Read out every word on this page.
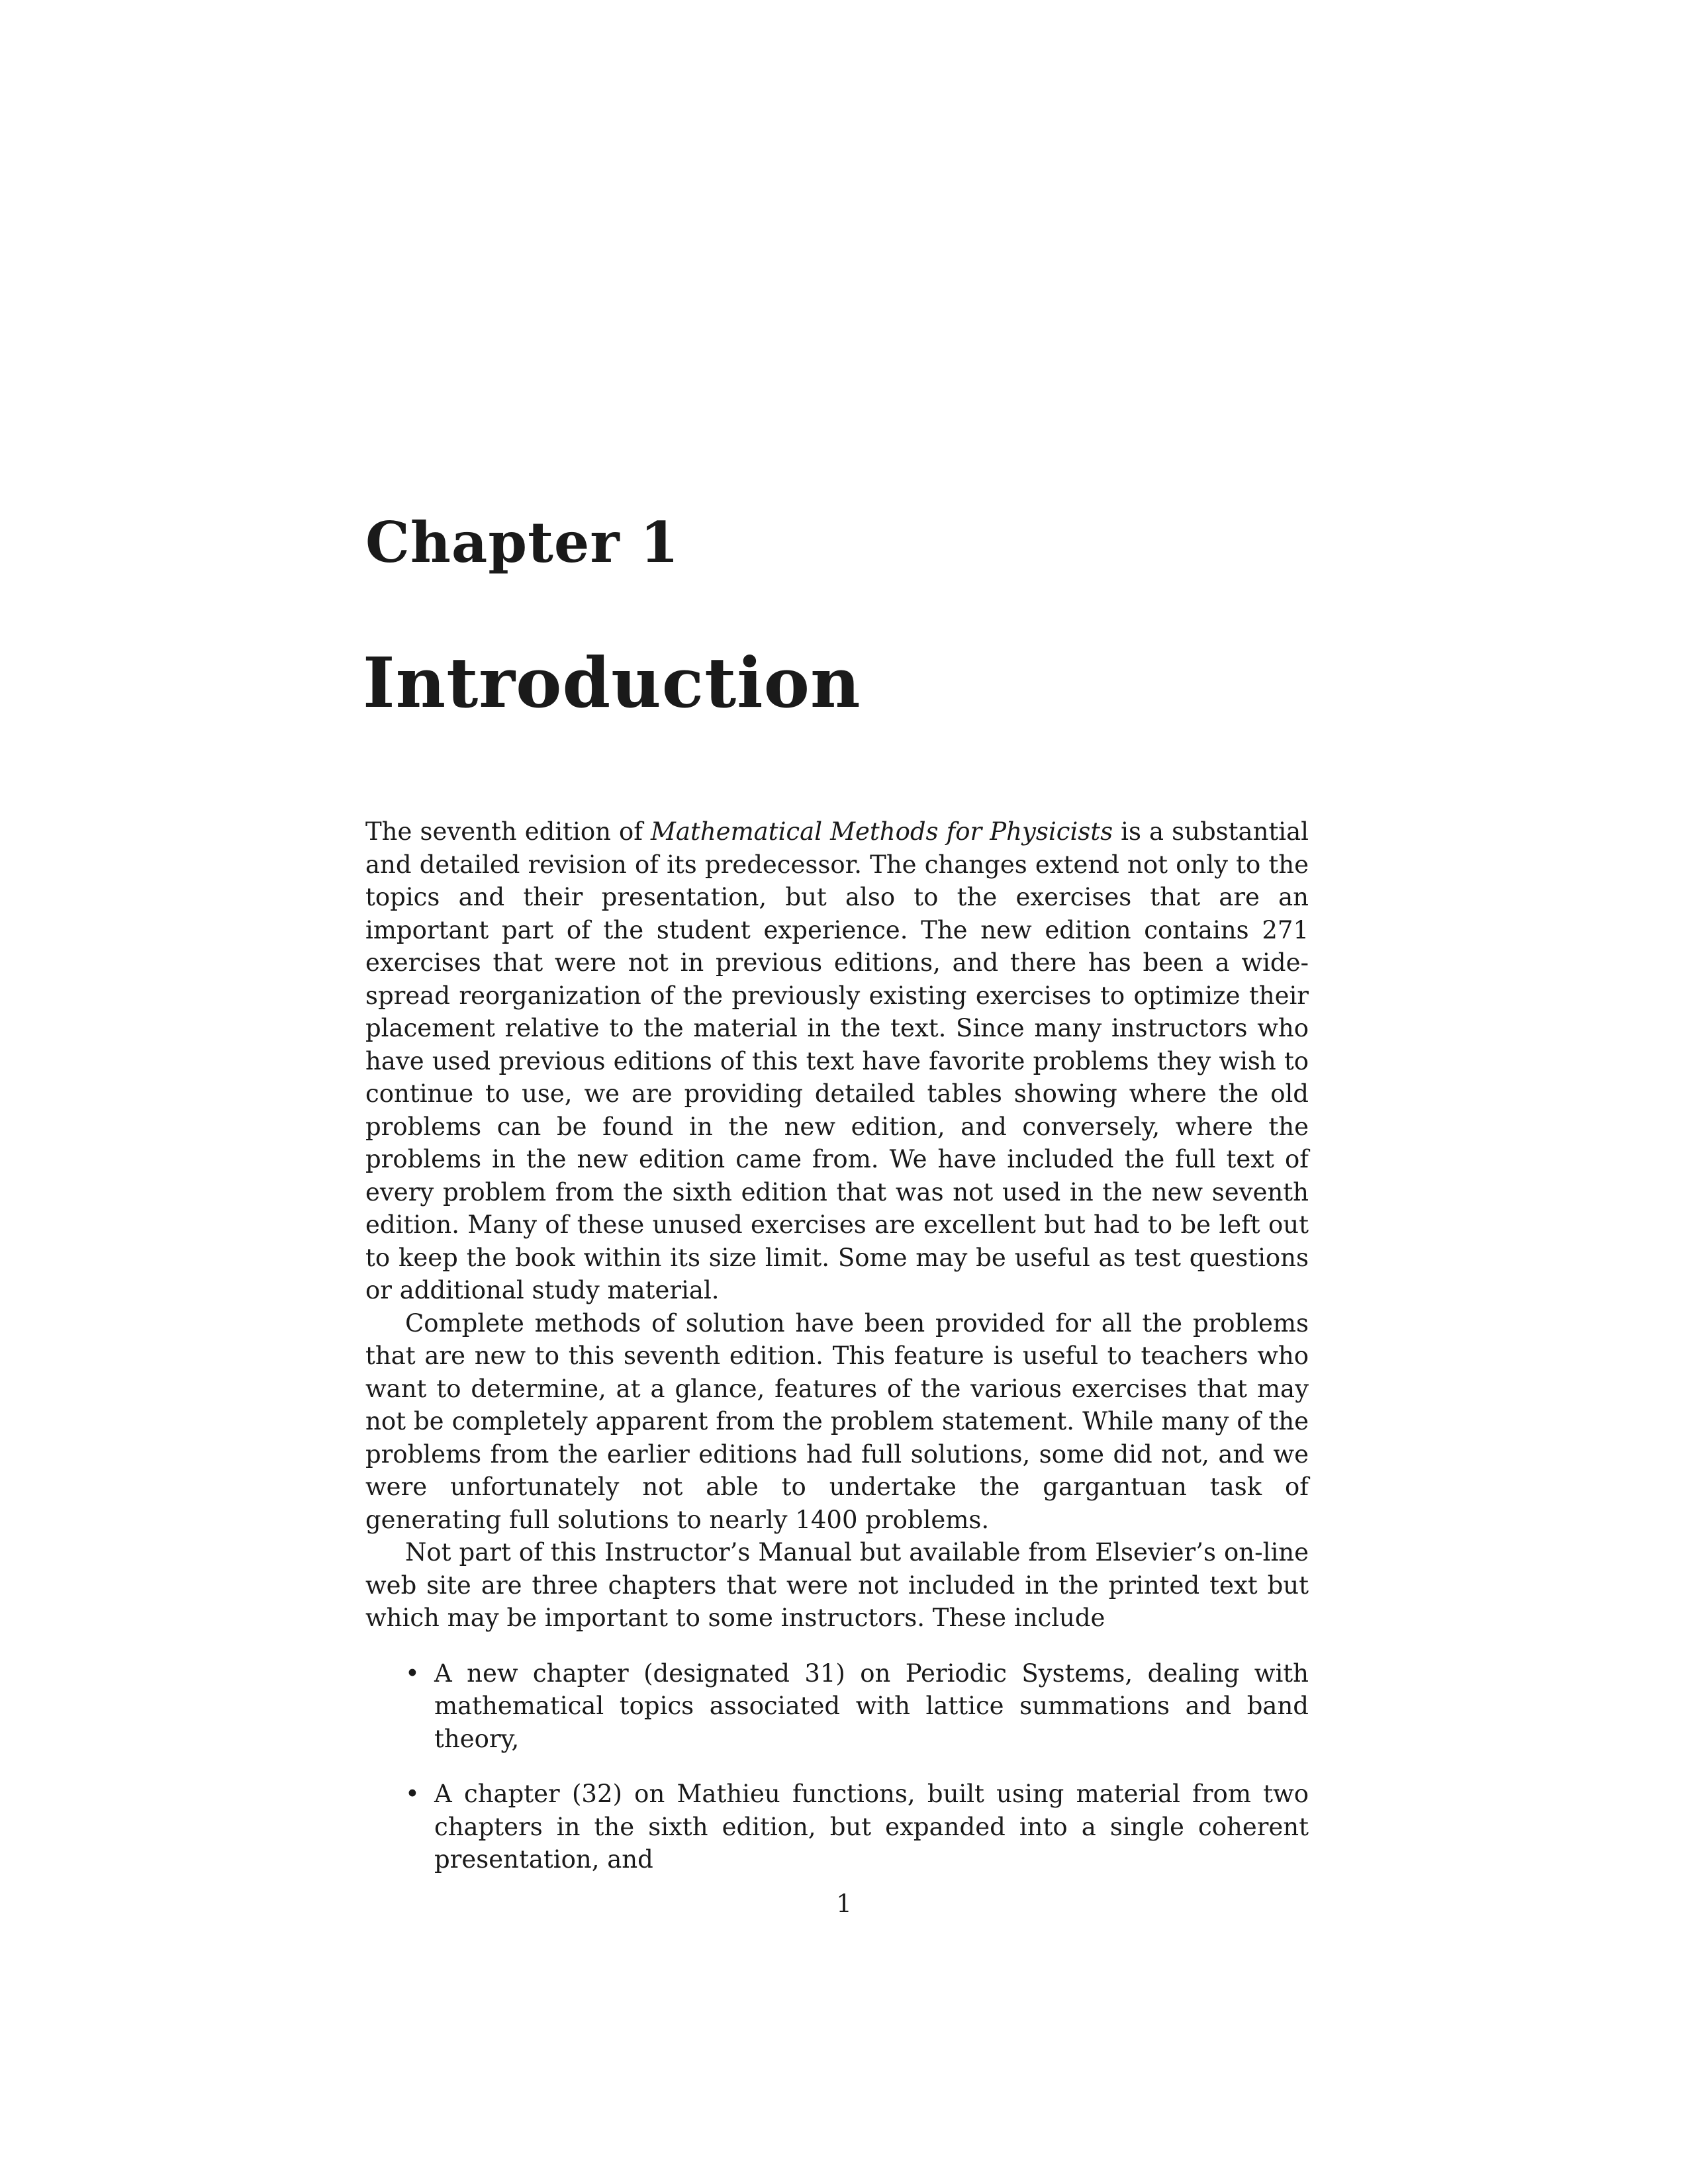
Chapter 1
Introduction

The seventh edition of Mathematical Methods for Physicists is a substantial and detailed revision of its predecessor. The changes extend not only to the topics and their presentation, but also to the exercises that are an important part of the student experience. The new edition contains 271 exercises that were not in previous editions, and there has been a wide-spread reorganization of the previously existing exercises to optimize their placement relative to the material in the text. Since many instructors who have used previous editions of this text have favorite problems they wish to continue to use, we are providing detailed tables showing where the old problems can be found in the new edition, and conversely, where the problems in the new edition came from. We have included the full text of every problem from the sixth edition that was not used in the new seventh edition. Many of these unused exercises are excellent but had to be left out to keep the book within its size limit. Some may be useful as test questions or additional study material.

Complete methods of solution have been provided for all the problems that are new to this seventh edition. This feature is useful to teachers who want to determine, at a glance, features of the various exercises that may not be completely apparent from the problem statement. While many of the problems from the earlier editions had full solutions, some did not, and we were unfortunately not able to undertake the gargantuan task of generating full solutions to nearly 1400 problems.

Not part of this Instructor’s Manual but available from Elsevier’s on-line web site are three chapters that were not included in the printed text but which may be important to some instructors. These include

• A new chapter (designated 31) on Periodic Systems, dealing with mathematical topics associated with lattice summations and band theory,
• A chapter (32) on Mathieu functions, built using material from two chapters in the sixth edition, but expanded into a single coherent presentation, and
1
